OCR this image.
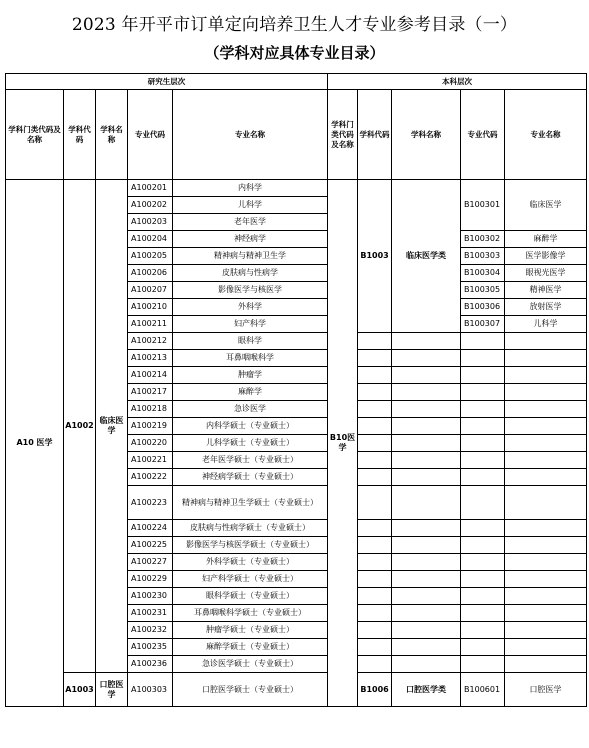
2023 年开平市订单定向培养卫生人才专业参考目录（一）
（学科对应具体专业目录）
研究生层次					本科层次				
学科门类代码及名称	学科代码	学科名称	专业代码	专业名称	学科门类代码及名称	学科代码	学科名称	专业代码	专业名称
A10 医学	A1002	临床医学	A100201	内科学	B10医学	B1003	临床医学类	B100301	临床医学
			A100202	儿科学					
			A100203	老年医学					
			A100204	神经病学				B100302	麻醉学
			A100205	精神病与精神卫生学				B100303	医学影像学
			A100206	皮肤病与性病学				B100304	眼视光医学
			A100207	影像医学与核医学				B100305	精神医学
			A100210	外科学				B100306	放射医学
			A100211	妇产科学				B100307	儿科学
			A100212	眼科学					
			A100213	耳鼻咽喉科学					
			A100214	肿瘤学					
			A100217	麻醉学					
			A100218	急诊医学					
			A100219	内科学硕士（专业硕士）					
			A100220	儿科学硕士（专业硕士）					
			A100221	老年医学硕士（专业硕士）					
			A100222	神经病学硕士（专业硕士）					
			A100223	精神病与精神卫生学硕士（专业硕士）					
			A100224	皮肤病与性病学硕士（专业硕士）					
			A100225	影像医学与核医学硕士（专业硕士）					
			A100227	外科学硕士（专业硕士）					
			A100229	妇产科学硕士（专业硕士）					
			A100230	眼科学硕士（专业硕士）					
			A100231	耳鼻咽喉科学硕士（专业硕士）					
			A100232	肿瘤学硕士（专业硕士）					
			A100235	麻醉学硕士（专业硕士）					
			A100236	急诊医学硕士（专业硕士）					
	A1003	口腔医学	A100303	口腔医学硕士（专业硕士）		B1006	口腔医学类	B100601	口腔医学
